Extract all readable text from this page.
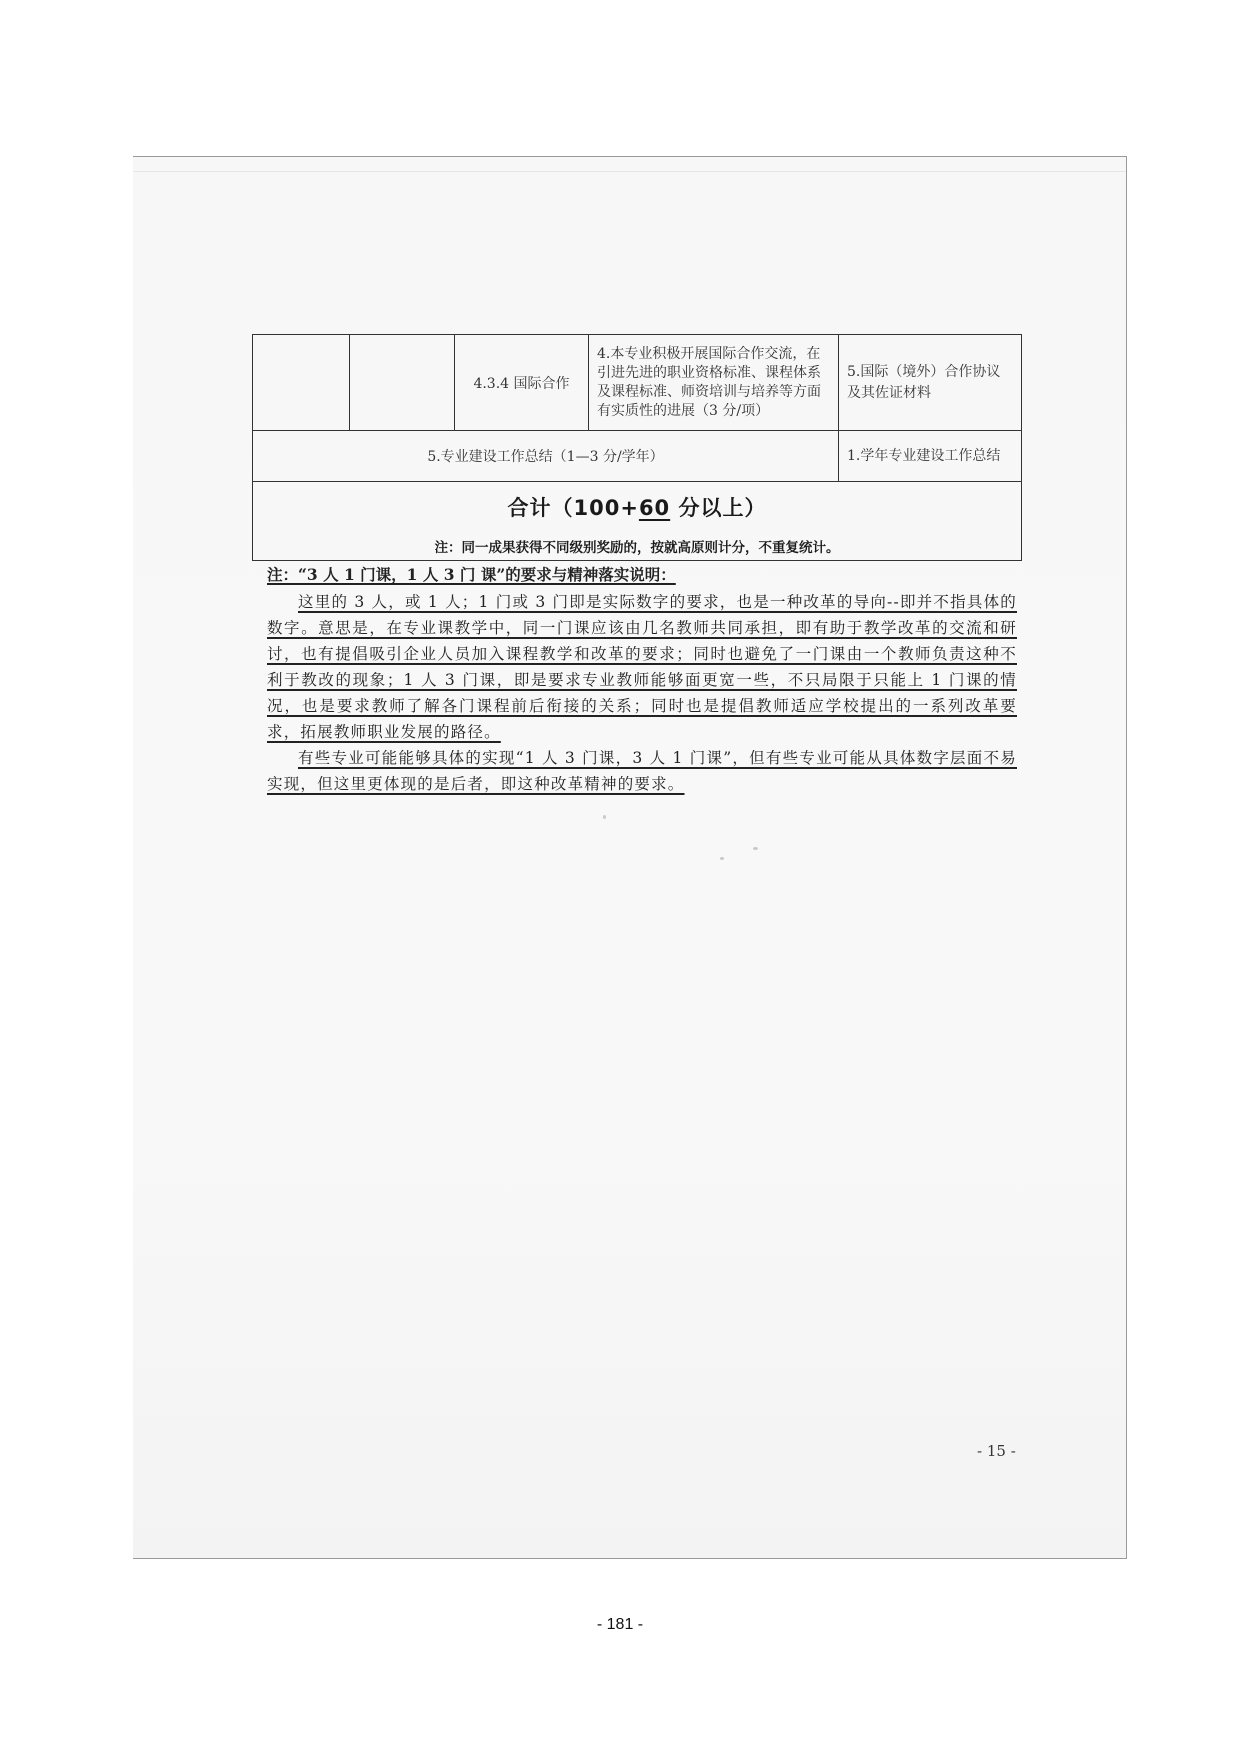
		4.3.4 国际合作	4.本专业积极开展国际合作交流，在引进先进的职业资格标准、课程体系及课程标准、师资培训与培养等方面有实质性的进展（3 分/项）	5.国际（境外）合作协议及其佐证材料
5.专业建设工作总结（1—3 分/学年）				1.学年专业建设工作总结

合计（100+60 分以上）
注：同一成果获得不同级别奖励的，按就高原则计分，不重复统计。				
注：“3 人 1 门课，1 人 3 门 课”的要求与精神落实说明：

这里的 3 人，或 1 人；1 门或 3 门即是实际数字的要求，也是一种改革的导向--即并不指具体的数字。意思是，在专业课教学中，同一门课应该由几名教师共同承担，即有助于教学改革的交流和研讨，也有提倡吸引企业人员加入课程教学和改革的要求；同时也避免了一门课由一个教师负责这种不利于教改的现象；1 人 3 门课，即是要求专业教师能够面更宽一些，不只局限于只能上 1 门课的情况，也是要求教师了解各门课程前后衔接的关系；同时也是提倡教师适应学校提出的一系列改革要求，拓展教师职业发展的路径。

有些专业可能能够具体的实现“1 人 3 门课，3 人 1 门课”，但有些专业可能从具体数字层面不易实现，但这里更体现的是后者，即这种改革精神的要求。

- 15 -
- 181 -
